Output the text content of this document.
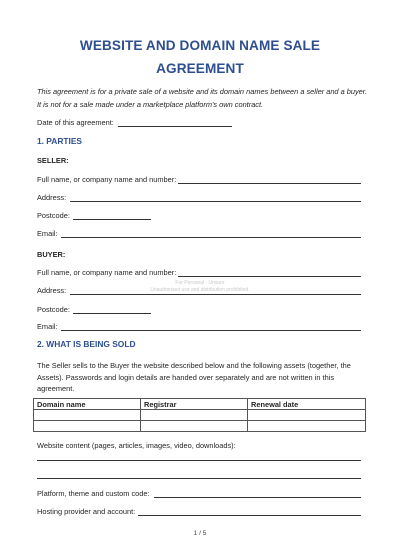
WEBSITE AND DOMAIN NAME SALE
AGREEMENT
This agreement is for a private sale of a website and its domain names between a seller and a buyer. It is not for a sale made under a marketplace platform's own contract.
Date of this agreement:
1. PARTIES
SELLER:
Full name, or company name and number:
Address:
Postcode:
Email:
BUYER:
Full name, or company name and number:
Address:
Postcode:
Email:
2. WHAT IS BEING SOLD
The Seller sells to the Buyer the website described below and the following assets (together, the Assets). Passwords and login details are handed over separately and are not written in this agreement.
Domain name	Registrar	Renewal date

Website content (pages, articles, images, video, downloads):
Platform, theme and custom code:
Hosting provider and account:
For Personal - Unsure
Unauthorised use and distribution prohibited.
1 / 5
